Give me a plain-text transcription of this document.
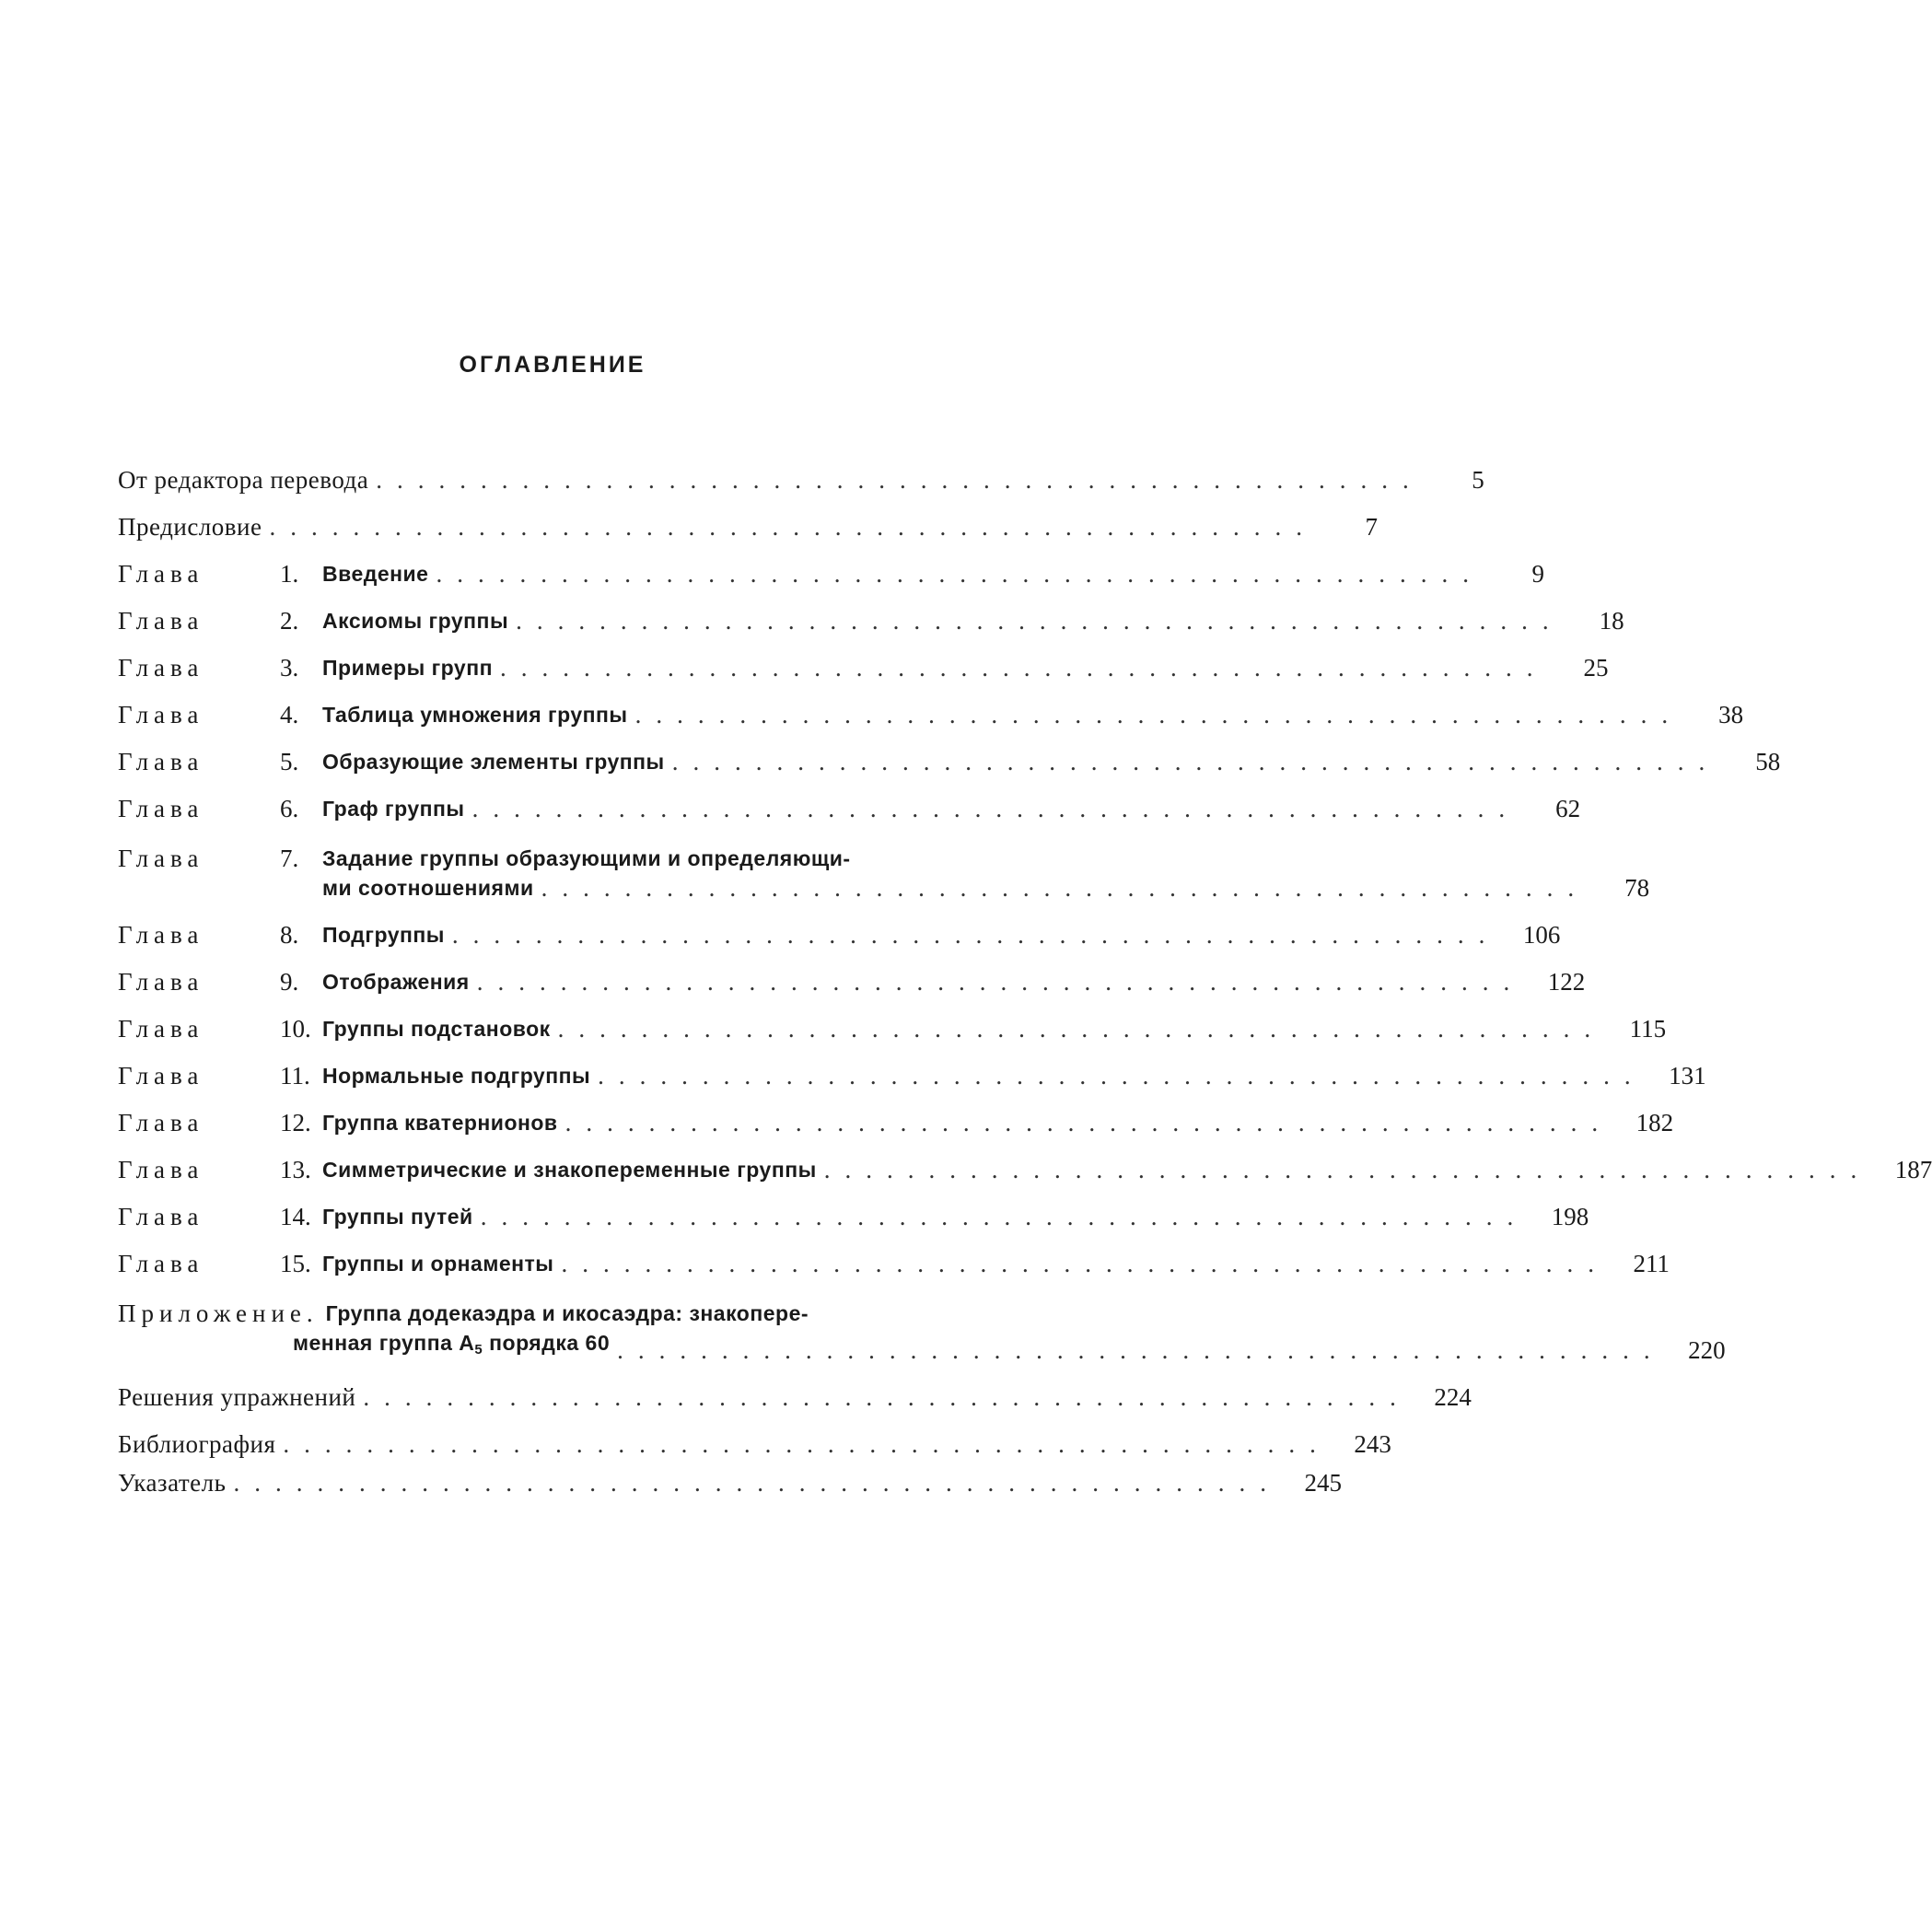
ОГЛАВЛЕНИЕ
От редактора перевода ..................................................	5
Предисловие ..................................................	7
Глава	1.	Введение ..................................................	9
Глава	2.	Аксиомы группы ..................................................	18
Глава	3.	Примеры групп ..................................................	25
Глава	4.	Таблица умножения группы ..................................................	38
Глава	5.	Образующие элементы группы ..................................................	58
Глава	6.	Граф группы ..................................................	62
Глава	7.	Задание группы образующими и определяющи-
ми соотношениями ..................................................	78
Глава	8.	Подгруппы .................................................. 106
Глава	9.	Отображения .................................................. 122
Глава	10. Группы подстановок .................................................. 115
Глава	11. Нормальные подгруппы .................................................. 131
Глава	12. Группа кватернионов .................................................. 182
Глава	13. Симметрические и знакопеременные группы .................................................. 187
Глава	14. Группы путей .................................................. 198
Глава	15. Группы и орнаменты .................................................. 211
Приложение. Группа додекаэдра и икосаэдра: знакопере-
менная группа $A_5$ порядка 60 .................................................. 220
Решения упражнений .................................................. 224
Библиография .................................................. 243
Указатель .................................................. 245
